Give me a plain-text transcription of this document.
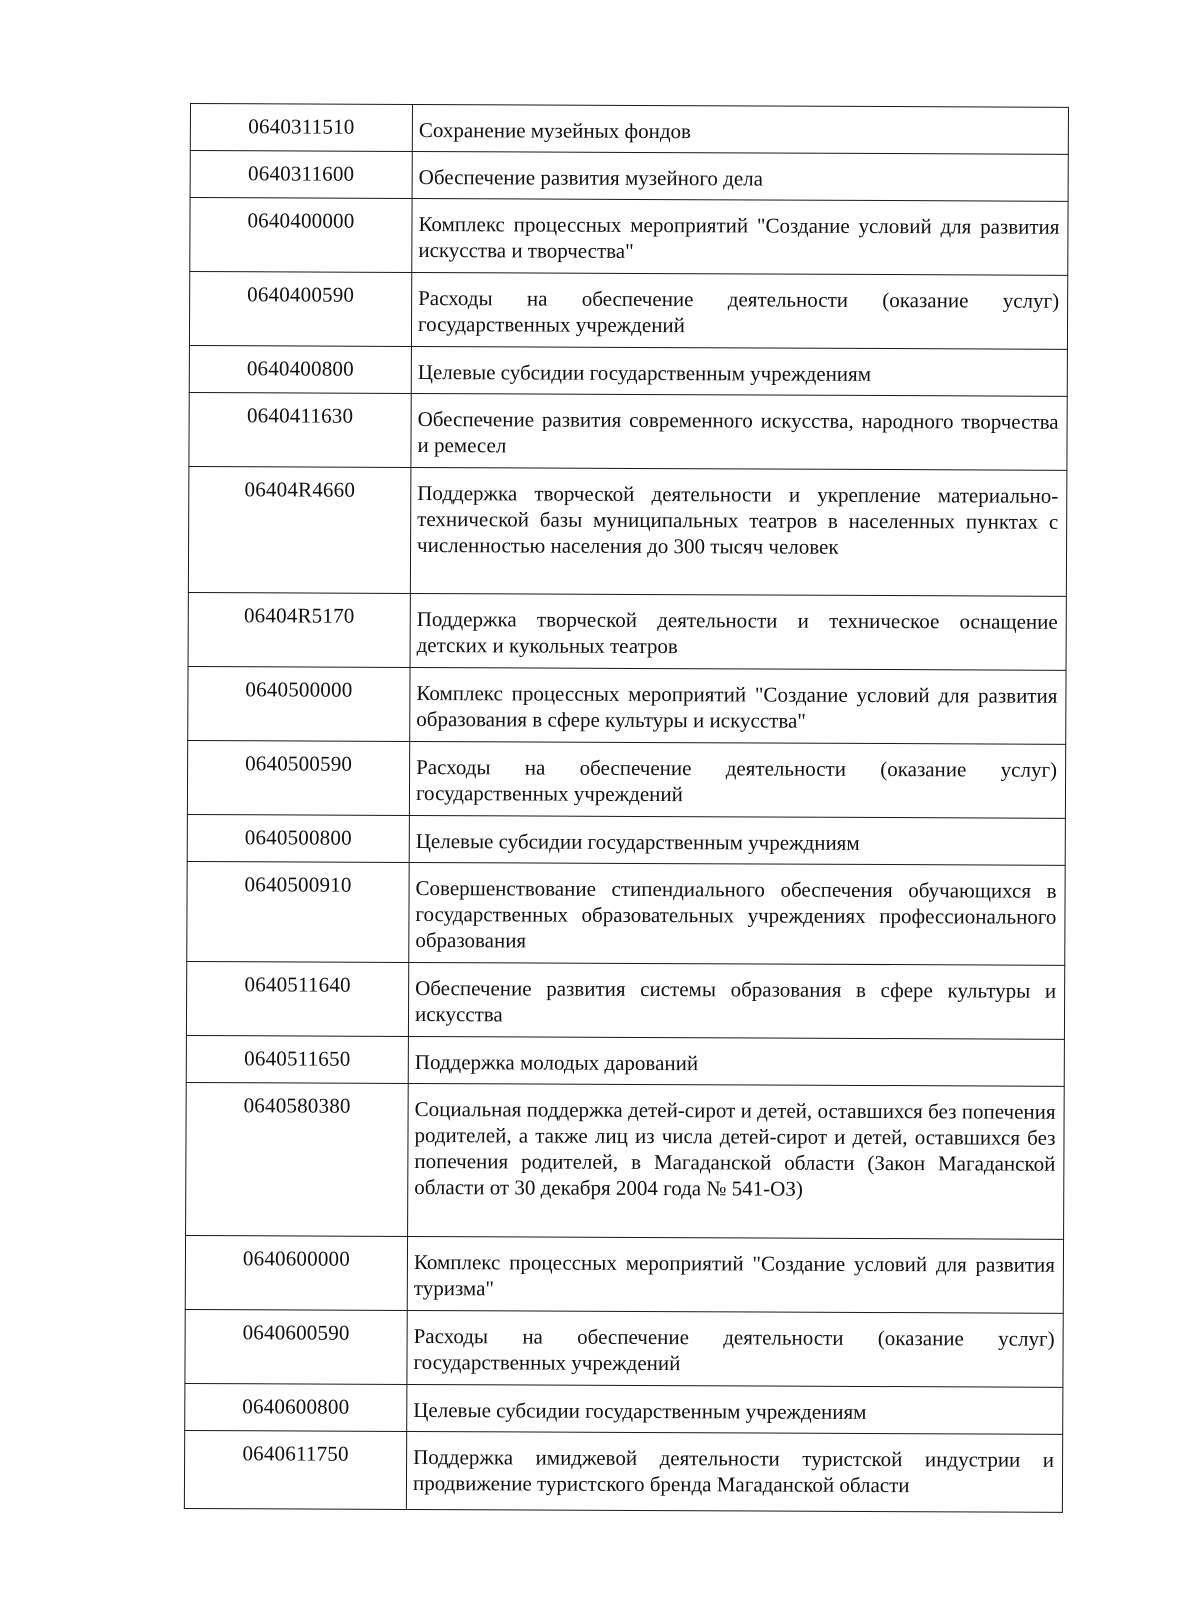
0640311510	Сохранение музейных фондов
0640311600	Обеспечение развития музейного дела
0640400000	Комплекс процессных мероприятий "Создание условий для развития искусства и творчества"
0640400590	Расходы на обеспечение деятельности (оказание услуг) государственных учреждений
0640400800	Целевые субсидии государственным учреждениям
0640411630	Обеспечение развития современного искусства, народного творчества и ремесел
06404R4660	Поддержка творческой деятельности и укрепление материально-технической базы муниципальных театров в населенных пунктах с численностью населения до 300 тысяч человек
06404R5170	Поддержка творческой деятельности и техническое оснащение детских и кукольных театров
0640500000	Комплекс процессных мероприятий "Создание условий для развития образования в сфере культуры и искусства"
0640500590	Расходы на обеспечение деятельности (оказание услуг) государственных учреждений
0640500800	Целевые субсидии государственным учреждниям
0640500910	Совершенствование стипендиального обеспечения обучающихся в государственных образовательных учреждениях профессионального образования
0640511640	Обеспечение развития системы образования в сфере культуры и искусства
0640511650	Поддержка молодых дарований
0640580380	Социальная поддержка детей-сирот и детей, оставшихся без попечения родителей, а также лиц из числа детей-сирот и детей, оставшихся без попечения родителей, в Магаданской области (Закон Магаданской области от 30 декабря 2004 года № 541-ОЗ)
0640600000	Комплекс процессных мероприятий "Создание условий для развития туризма"
0640600590	Расходы на обеспечение деятельности (оказание услуг) государственных учреждений
0640600800	Целевые субсидии государственным учреждениям
0640611750	Поддержка имиджевой деятельности туристской индустрии и продвижение туристского бренда Магаданской области
